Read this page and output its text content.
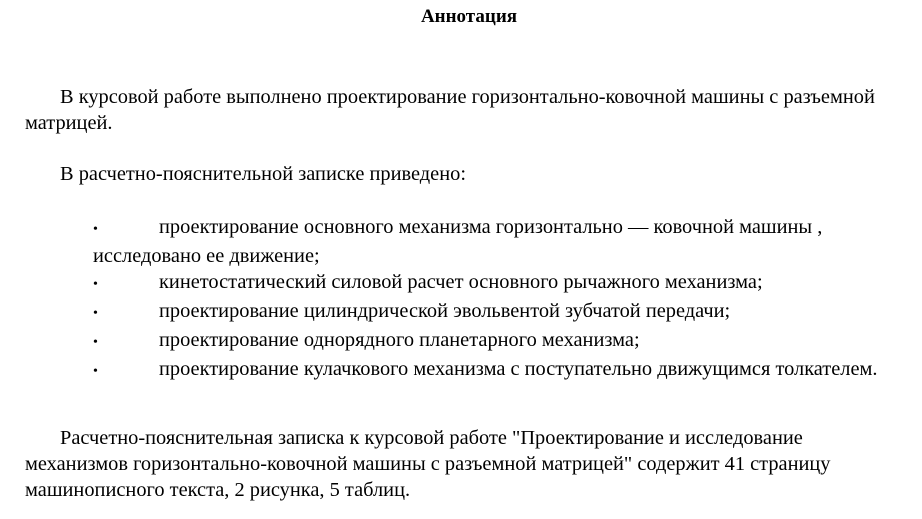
Аннотация

В курсовой работе выполнено проектирование горизонтально-ковочной машины с разъемной матрицей.

В расчетно-пояснительной записке приведено:

•	проектирование основного механизма горизонтально — ковочной машины , исследовано ее движение;
•	кинетостатический силовой расчет основного рычажного механизма;
•	проектирование цилиндрической эвольвентой зубчатой передачи;
•	проектирование однорядного планетарного механизма;
•	проектирование кулачкового механизма с поступательно движущимся толкателем.

Расчетно-пояснительная записка к курсовой работе "Проектирование и исследование механизмов горизонтально-ковочной машины с разъемной матрицей" содержит 41 страницу машинописного текста, 2 рисунка, 5 таблиц.
